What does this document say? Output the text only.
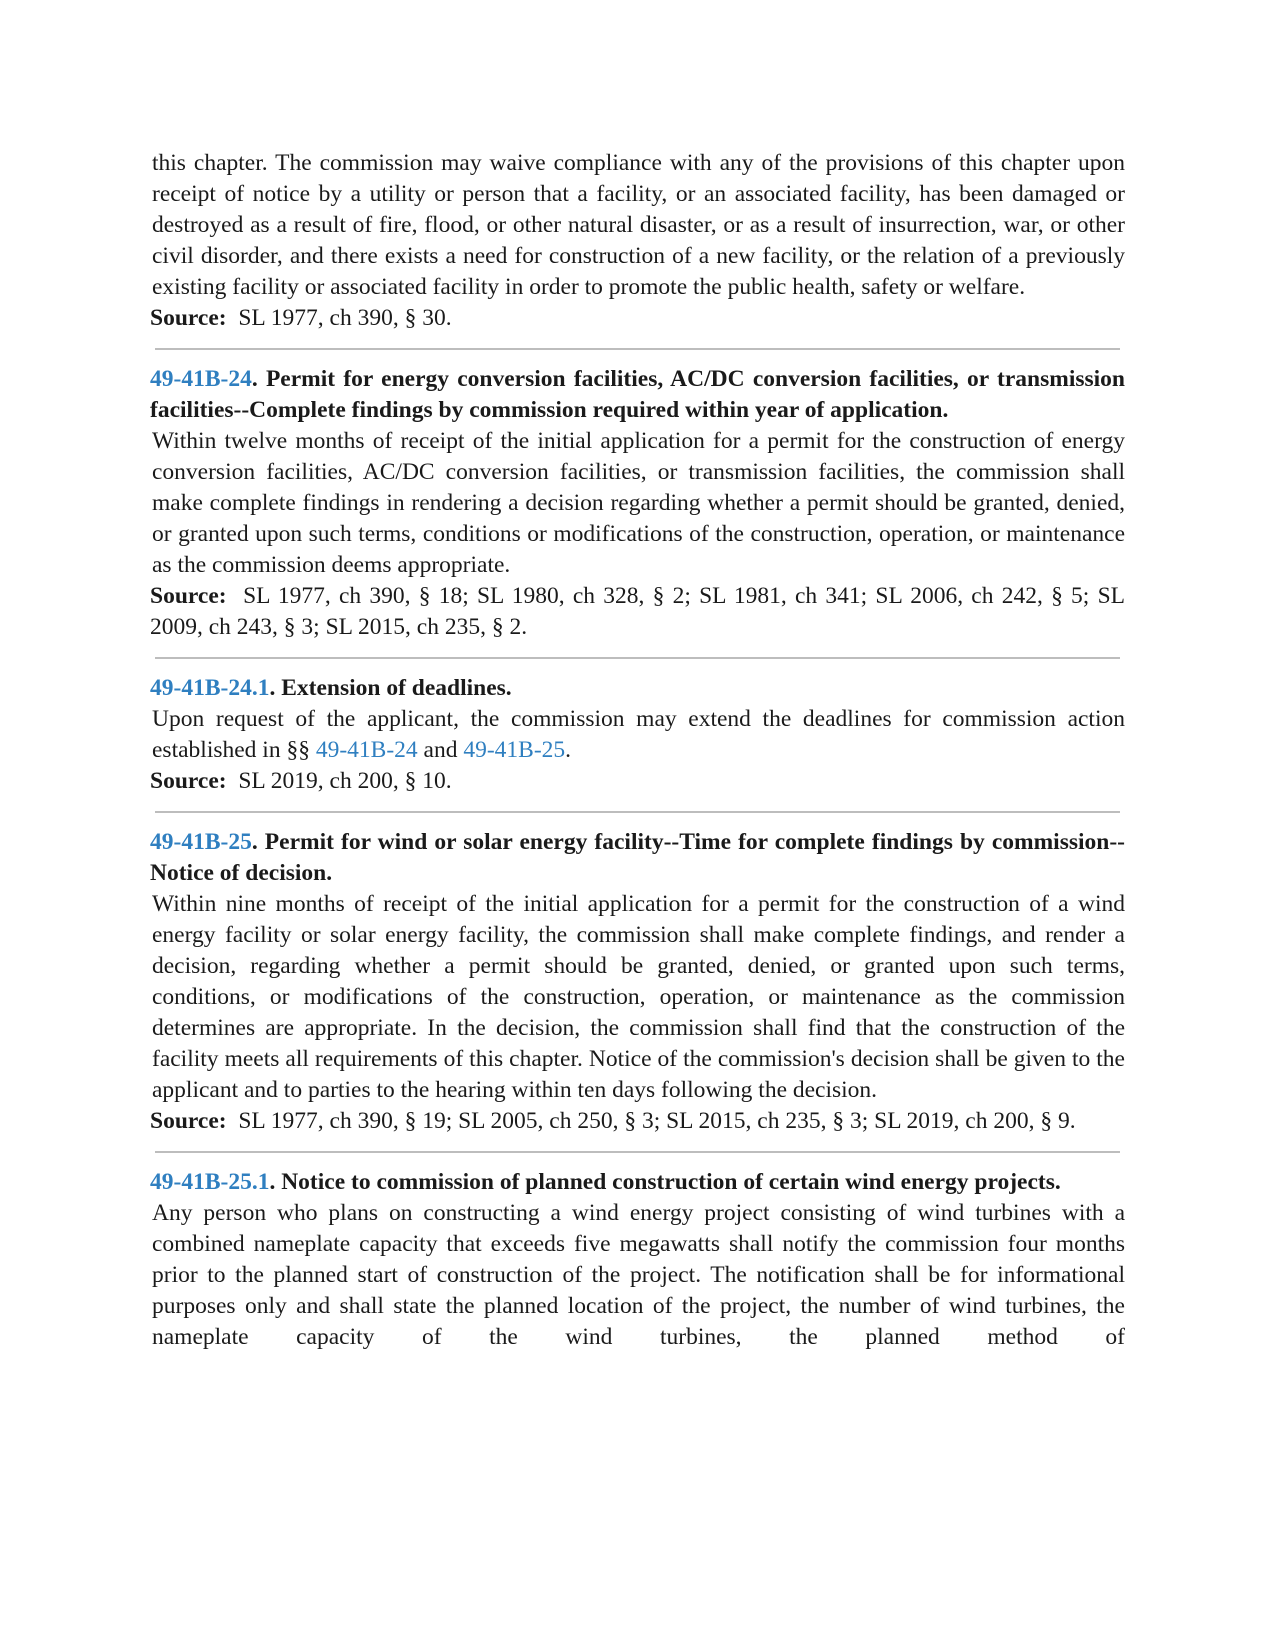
this chapter. The commission may waive compliance with any of the provisions of this chapter upon receipt of notice by a utility or person that a facility, or an associated facility, has been damaged or destroyed as a result of fire, flood, or other natural disaster, or as a result of insurrection, war, or other civil disorder, and there exists a need for construction of a new facility, or the relation of a previously existing facility or associated facility in order to promote the public health, safety or welfare.

Source: SL 1977, ch 390, § 30.

49-41B-24. Permit for energy conversion facilities, AC/DC conversion facilities, or transmission facilities--Complete findings by commission required within year of application.

Within twelve months of receipt of the initial application for a permit for the construction of energy conversion facilities, AC/DC conversion facilities, or transmission facilities, the commission shall make complete findings in rendering a decision regarding whether a permit should be granted, denied, or granted upon such terms, conditions or modifications of the construction, operation, or maintenance as the commission deems appropriate.

Source: SL 1977, ch 390, § 18; SL 1980, ch 328, § 2; SL 1981, ch 341; SL 2006, ch 242, § 5; SL 2009, ch 243, § 3; SL 2015, ch 235, § 2.

49-41B-24.1. Extension of deadlines.

Upon request of the applicant, the commission may extend the deadlines for commission action established in §§ 49-41B-24 and 49-41B-25.

Source: SL 2019, ch 200, § 10.

49-41B-25. Permit for wind or solar energy facility--Time for complete findings by commission--Notice of decision.

Within nine months of receipt of the initial application for a permit for the construction of a wind energy facility or solar energy facility, the commission shall make complete findings, and render a decision, regarding whether a permit should be granted, denied, or granted upon such terms, conditions, or modifications of the construction, operation, or maintenance as the commission determines are appropriate. In the decision, the commission shall find that the construction of the facility meets all requirements of this chapter. Notice of the commission's decision shall be given to the applicant and to parties to the hearing within ten days following the decision.

Source: SL 1977, ch 390, § 19; SL 2005, ch 250, § 3; SL 2015, ch 235, § 3; SL 2019, ch 200, § 9.

49-41B-25.1. Notice to commission of planned construction of certain wind energy projects.

Any person who plans on constructing a wind energy project consisting of wind turbines with a combined nameplate capacity that exceeds five megawatts shall notify the commission four months prior to the planned start of construction of the project. The notification shall be for informational purposes only and shall state the planned location of the project, the number of wind turbines, the nameplate capacity of the wind turbines, the planned method of
